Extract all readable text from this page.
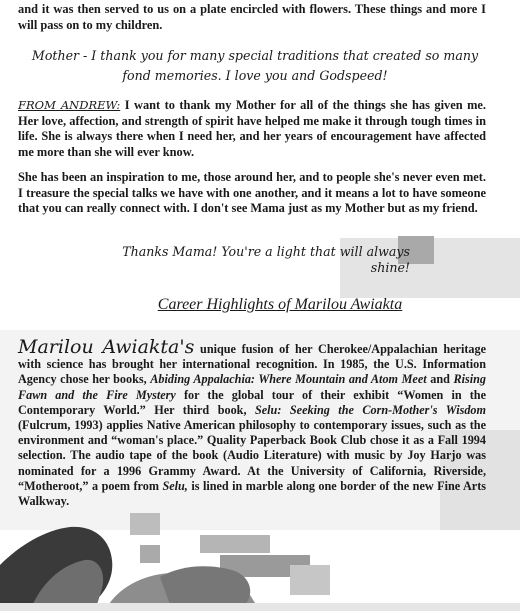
and it was then served to us on a plate encircled with flowers. These things and more I will pass on to my children.

Mother - I thank you for many special traditions that created so many fond memories. I love you and Godspeed!

FROM ANDREW: I want to thank my Mother for all of the things she has given me. Her love, affection, and strength of spirit have helped me make it through tough times in life. She is always there when I need her, and her years of encouragement have affected me more than she will ever know.

She has been an inspiration to me, those around her, and to people she's never even met. I treasure the special talks we have with one another, and it means a lot to have someone that you can really connect with. I don't see Mama just as my Mother but as my friend.

Thanks Mama! You're a light that will always shine!

Career Highlights of Marilou Awiakta

Marilou Awiakta's unique fusion of her Cherokee/Appalachian heritage with science has brought her international recognition. In 1985, the U.S. Information Agency chose her books, Abiding Appalachia: Where Mountain and Atom Meet and Rising Fawn and the Fire Mystery for the global tour of their exhibit “Women in the Contemporary World.” Her third book, Selu: Seeking the Corn-Mother's Wisdom (Fulcrum, 1993) applies Native American philosophy to contemporary issues, such as the environment and “woman's place.” Quality Paperback Book Club chose it as a Fall 1994 selection. The audio tape of the book (Audio Literature) with music by Joy Harjo was nominated for a 1996 Grammy Award. At the University of California, Riverside, “Motheroot,” a poem from Selu, is lined in marble along one border of the new Fine Arts Walkway.
